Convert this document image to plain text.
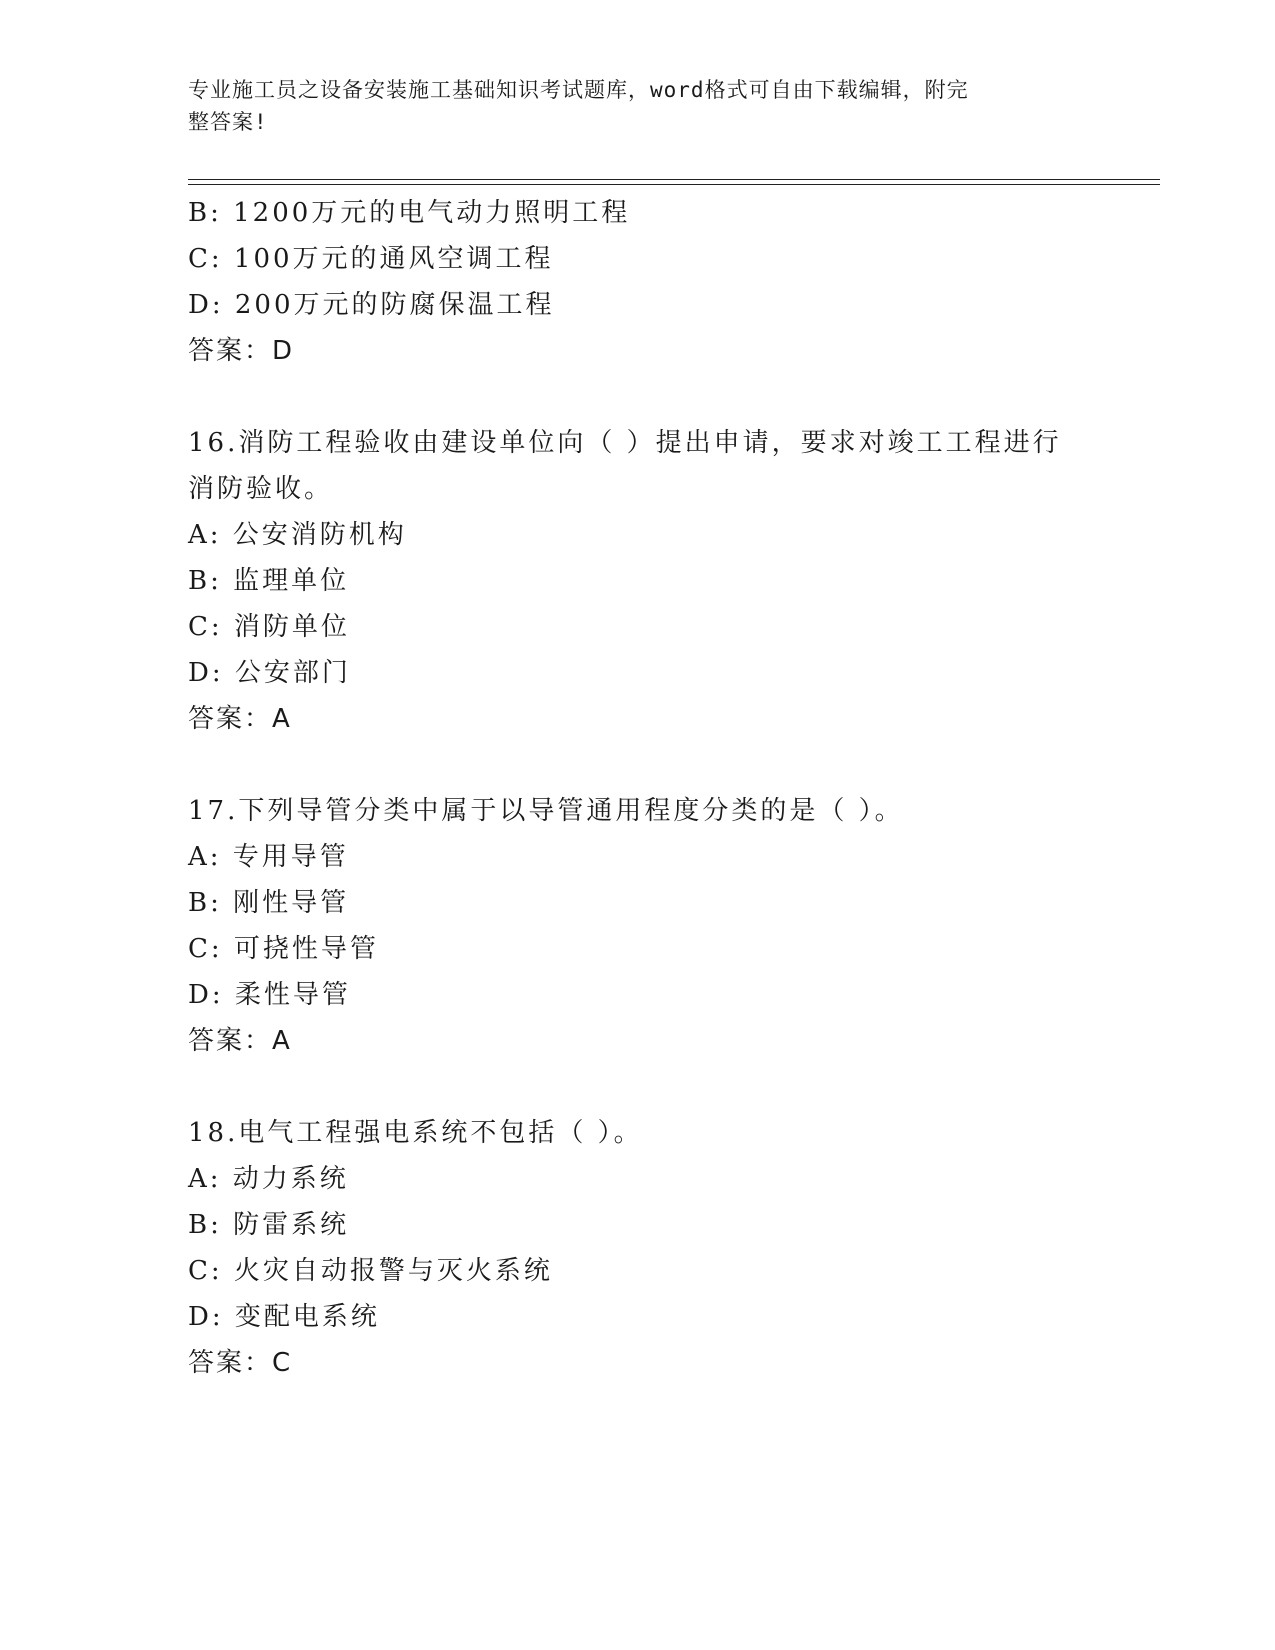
专业施工员之设备安装施工基础知识考试题库，word格式可自由下载编辑，附完
整答案!
B: 1200万元的电气动力照明工程
C: 100万元的通风空调工程
D: 200万元的防腐保温工程
答案：D
16.消防工程验收由建设单位向（ ）提出申请，要求对竣工工程进行
消防验收。
A: 公安消防机构
B: 监理单位
C: 消防单位
D: 公安部门
答案：A
17.下列导管分类中属于以导管通用程度分类的是（ ）。
A: 专用导管
B: 刚性导管
C: 可挠性导管
D: 柔性导管
答案：A
18.电气工程强电系统不包括（ ）。
A: 动力系统
B: 防雷系统
C: 火灾自动报警与灭火系统
D: 变配电系统
答案：C
